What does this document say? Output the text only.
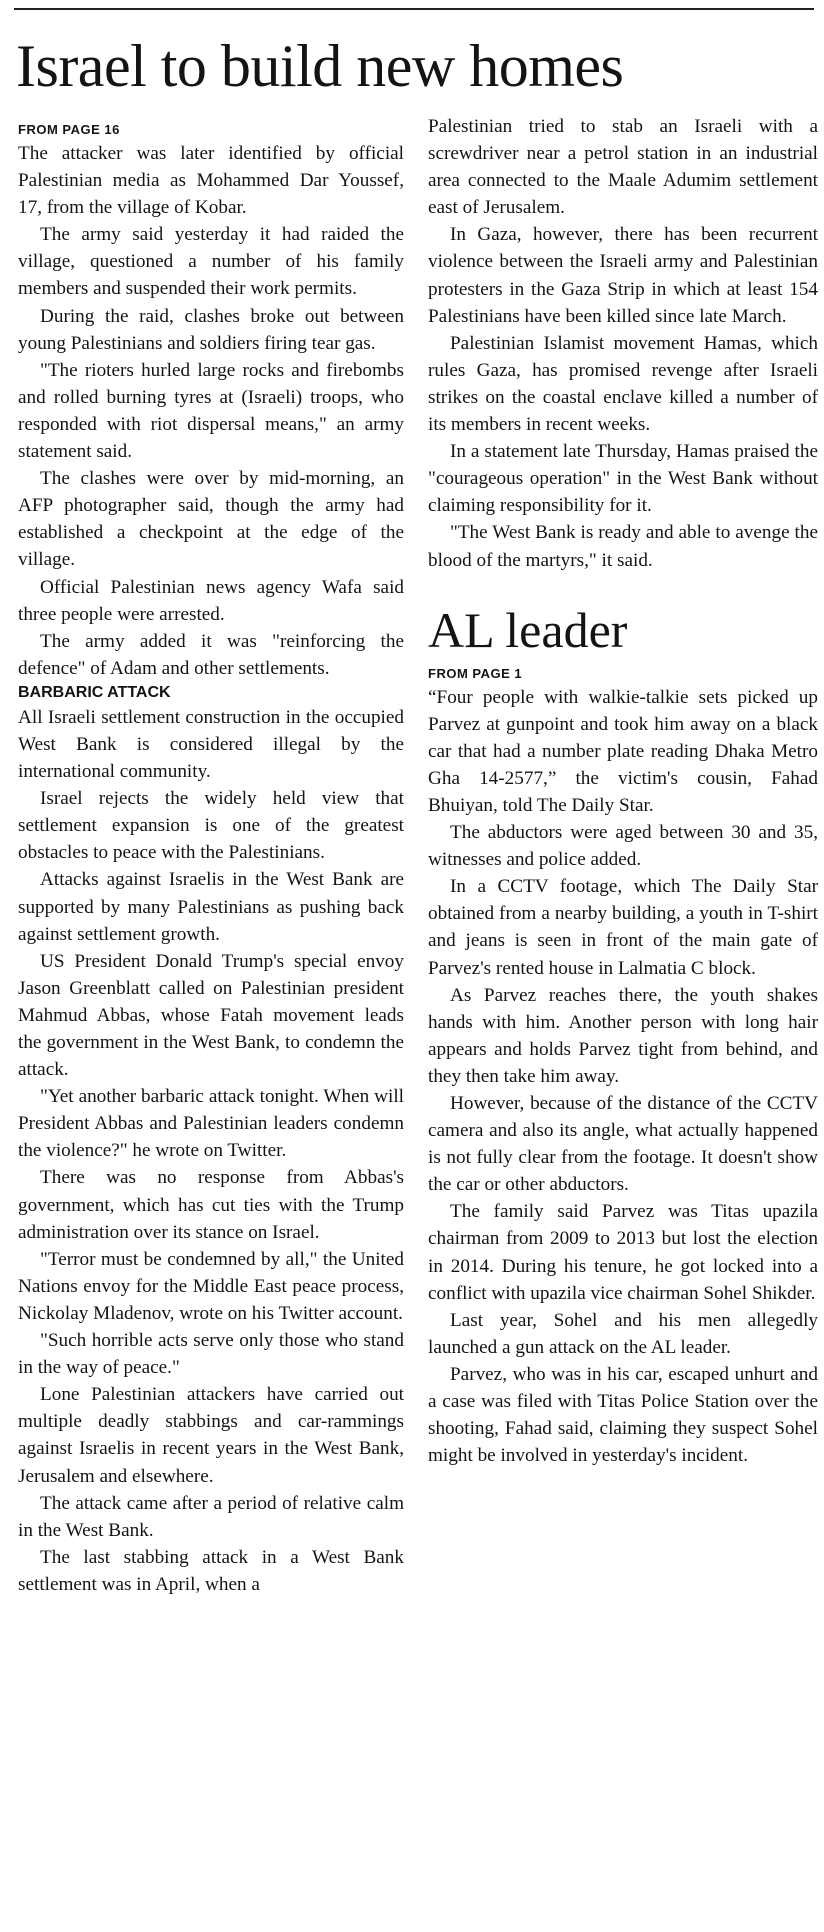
Israel to build new homes
FROM PAGE 16

The attacker was later identified by official Palestinian media as Mohammed Dar Youssef, 17, from the village of Kobar.

The army said yesterday it had raided the village, questioned a number of his family members and suspended their work permits.

During the raid, clashes broke out between young Palestinians and soldiers firing tear gas.

"The rioters hurled large rocks and firebombs and rolled burning tyres at (Israeli) troops, who responded with riot dispersal means," an army statement said.

The clashes were over by mid-morning, an AFP photographer said, though the army had established a checkpoint at the edge of the village.

Official Palestinian news agency Wafa said three people were arrested.

The army added it was "reinforcing the defence" of Adam and other settlements.

BARBARIC ATTACK

All Israeli settlement construction in the occupied West Bank is considered illegal by the international community.

Israel rejects the widely held view that settlement expansion is one of the greatest obstacles to peace with the Palestinians.

Attacks against Israelis in the West Bank are supported by many Palestinians as pushing back against settlement growth.

US President Donald Trump's special envoy Jason Greenblatt called on Palestinian president Mahmud Abbas, whose Fatah movement leads the government in the West Bank, to condemn the attack.

"Yet another barbaric attack tonight. When will President Abbas and Palestinian leaders condemn the violence?" he wrote on Twitter.

There was no response from Abbas's government, which has cut ties with the Trump administration over its stance on Israel.

"Terror must be condemned by all," the United Nations envoy for the Middle East peace process, Nickolay Mladenov, wrote on his Twitter account.

"Such horrible acts serve only those who stand in the way of peace."

Lone Palestinian attackers have carried out multiple deadly stabbings and car-rammings against Israelis in recent years in the West Bank, Jerusalem and elsewhere.

The attack came after a period of relative calm in the West Bank.

The last stabbing attack in a West Bank settlement was in April, when a

Palestinian tried to stab an Israeli with a screwdriver near a petrol station in an industrial area connected to the Maale Adumim settlement east of Jerusalem.

In Gaza, however, there has been recurrent violence between the Israeli army and Palestinian protesters in the Gaza Strip in which at least 154 Palestinians have been killed since late March.

Palestinian Islamist movement Hamas, which rules Gaza, has promised revenge after Israeli strikes on the coastal enclave killed a number of its members in recent weeks.

In a statement late Thursday, Hamas praised the "courageous operation" in the West Bank without claiming responsibility for it.

"The West Bank is ready and able to avenge the blood of the martyrs," it said.

AL leader
FROM PAGE 1

“Four people with walkie-talkie sets picked up Parvez at gunpoint and took him away on a black car that had a number plate reading Dhaka Metro Gha 14-2577,” the victim's cousin, Fahad Bhuiyan, told The Daily Star.

The abductors were aged between 30 and 35, witnesses and police added.

In a CCTV footage, which The Daily Star obtained from a nearby building, a youth in T-shirt and jeans is seen in front of the main gate of Parvez's rented house in Lalmatia C block.

As Parvez reaches there, the youth shakes hands with him. Another person with long hair appears and holds Parvez tight from behind, and they then take him away.

However, because of the distance of the CCTV camera and also its angle, what actually happened is not fully clear from the footage. It doesn't show the car or other abductors.

The family said Parvez was Titas upazila chairman from 2009 to 2013 but lost the election in 2014. During his tenure, he got locked into a conflict with upazila vice chairman Sohel Shikder.

Last year, Sohel and his men allegedly launched a gun attack on the AL leader.

Parvez, who was in his car, escaped unhurt and a case was filed with Titas Police Station over the shooting, Fahad said, claiming they suspect Sohel might be involved in yesterday's incident.
